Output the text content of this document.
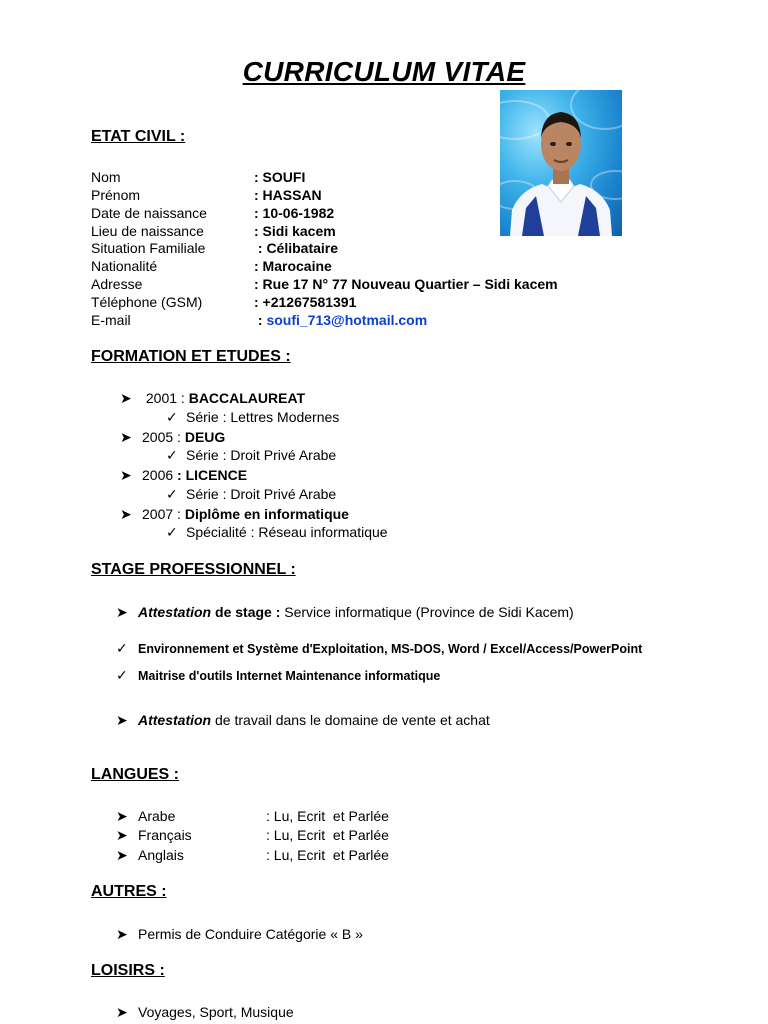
CURRICULUM VITAE
ETAT CIVIL :
Nom	: SOUFI
Prénom	: HASSAN
Date de naissance	: 10-06-1982
Lieu de naissance	: Sidi kacem
Situation Familiale	: Célibataire
Nationalité	: Marocaine
Adresse	: Rue 17 N° 77 Nouveau Quartier – Sidi kacem
Téléphone (GSM)	: +21267581391
E-mail	: soufi_713@hotmail.com
FORMATION ET ETUDES :
➤ 2001 : BACCALAUREAT
✓ Série : Lettres Modernes
➤ 2005 : DEUG
✓ Série : Droit Privé Arabe
➤ 2006 : LICENCE
✓ Série : Droit Privé Arabe
➤ 2007 : Diplôme en informatique
✓ Spécialité : Réseau informatique
STAGE PROFESSIONNEL :
➤ Attestation de stage : Service informatique (Province de Sidi Kacem)
✓ Environnement et Système d'Exploitation, MS-DOS, Word / Excel/Access/PowerPoint
✓ Maitrise d'outils Internet Maintenance informatique
➤ Attestation de travail dans le domaine de vente et achat
LANGUES :
➤ Arabe	: Lu, Ecrit  et Parlée
➤ Français	: Lu, Ecrit  et Parlée
➤ Anglais	: Lu, Ecrit  et Parlée
AUTRES :
➤ Permis de Conduire Catégorie « B »
LOISIRS :
➤ Voyages, Sport, Musique
